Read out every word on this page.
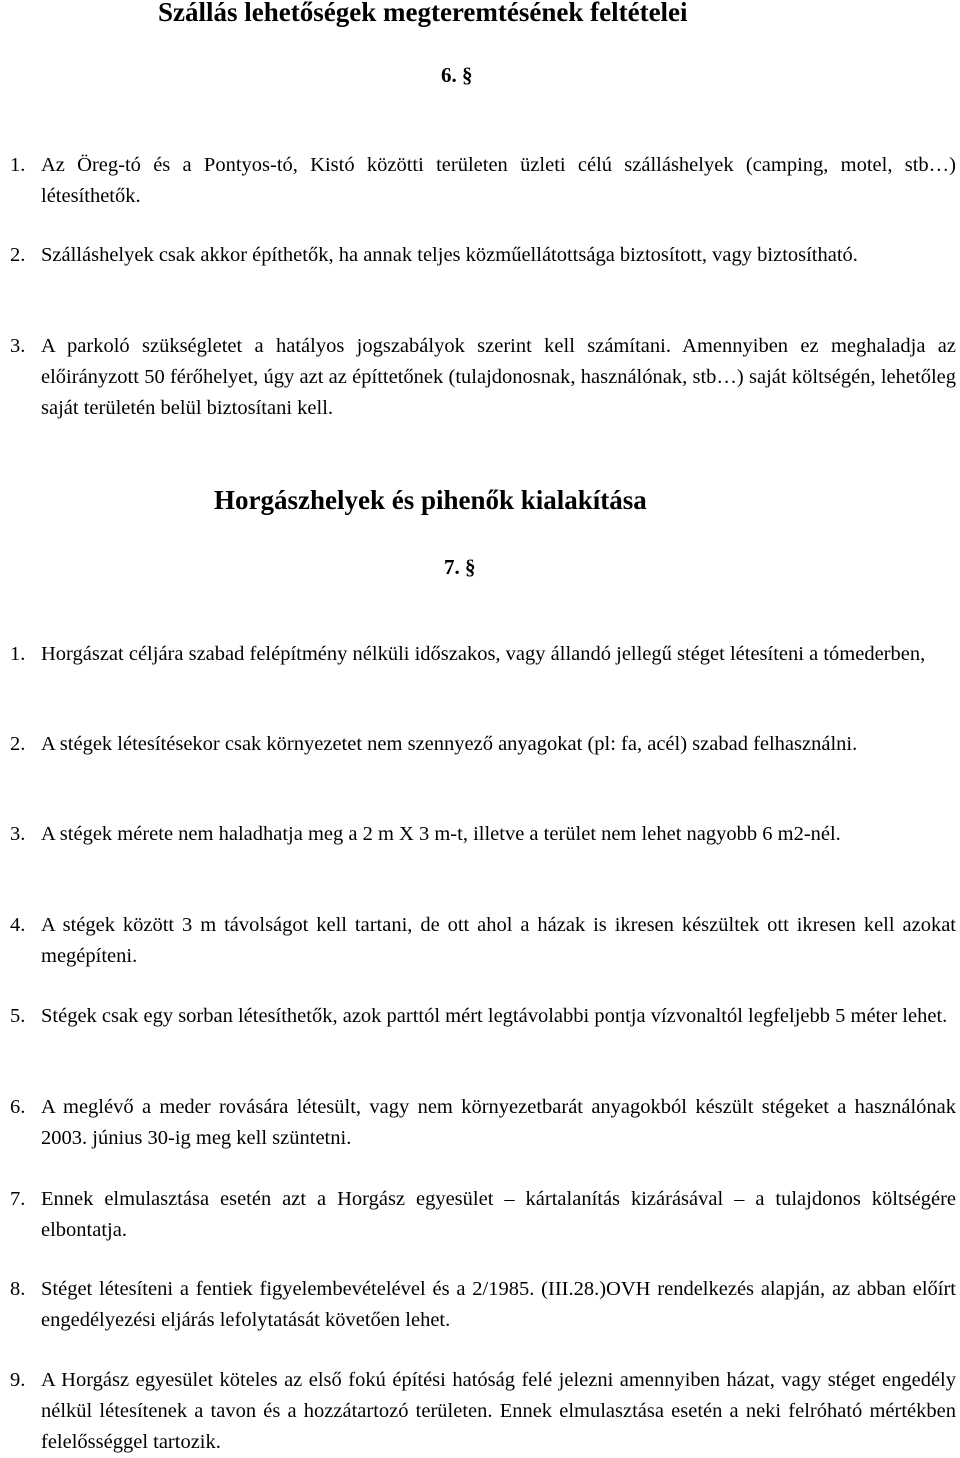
Szállás lehetőségek megteremtésének feltételei
6. §
1. Az Öreg-tó és a Pontyos-tó, Kistó közötti területen üzleti célú szálláshelyek (camping, motel, stb…) létesíthetők.
2. Szálláshelyek csak akkor építhetők, ha annak teljes közműellátottsága biztosított, vagy biztosítható.
3. A parkoló szükségletet a hatályos jogszabályok szerint kell számítani. Amennyiben ez meghaladja az előirányzott 50 férőhelyet, úgy azt az építtetőnek (tulajdonosnak, használónak, stb…) saját költségén, lehetőleg saját területén belül biztosítani kell.
Horgászhelyek és pihenők kialakítása
7. §
1. Horgászat céljára szabad felépítmény nélküli időszakos, vagy állandó jellegű stéget létesíteni a tómederben,
2. A stégek létesítésekor csak környezetet nem szennyező anyagokat (pl: fa, acél) szabad felhasználni.
3. A stégek mérete nem haladhatja meg a 2 m X 3 m-t, illetve a terület nem lehet nagyobb 6 m2-nél.
4. A stégek között 3 m távolságot kell tartani, de ott ahol a házak is ikresen készültek ott ikresen kell azokat megépíteni.
5. Stégek csak egy sorban létesíthetők, azok parttól mért legtávolabbi pontja vízvonaltól legfeljebb 5 méter lehet.
6. A meglévő a meder rovására létesült, vagy nem környezetbarát anyagokból készült stégeket a használónak 2003. június 30-ig meg kell szüntetni.
7. Ennek elmulasztása esetén azt a Horgász egyesület – kártalanítás kizárásával – a tulajdonos költségére elbontatja.
8. Stéget létesíteni a fentiek figyelembevételével és a 2/1985. (III.28.)OVH rendelkezés alapján, az abban előírt engedélyezési eljárás lefolytatását követően lehet.
9. A Horgász egyesület köteles az első fokú építési hatóság felé jelezni amennyiben házat, vagy stéget engedély nélkül létesítenek a tavon és a hozzátartozó területen. Ennek elmulasztása esetén a neki felróható mértékben felelősséggel tartozik.
